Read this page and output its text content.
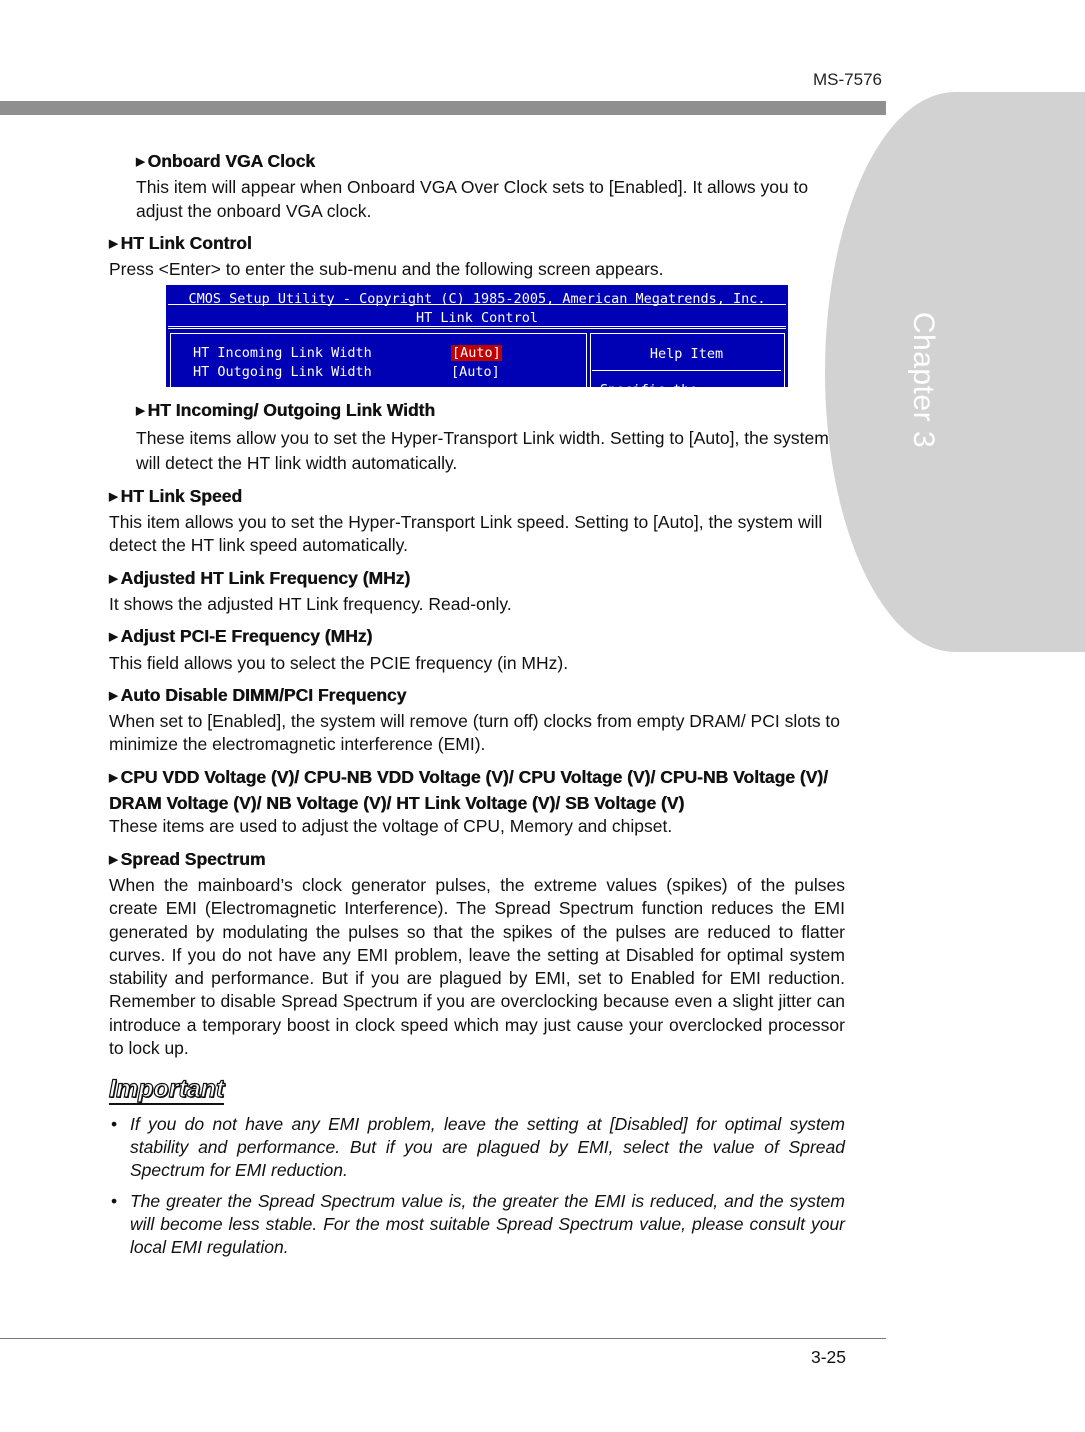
MS-7576
Chapter 3

▶ Onboard VGA Clock

This item will appear when Onboard VGA Over Clock sets to [Enabled]. It allows you to adjust the onboard VGA clock.

▶ HT Link Control

Press <Enter> to enter the sub-menu and the following screen appears.

CMOS Setup Utility - Copyright (C) 1985-2005, American Megatrends, Inc.
HT Link Control
HT Incoming Link Width	[Auto]
HT Outgoing Link Width	[Auto]
Help Item
Specific the

▶ HT Incoming/ Outgoing Link Width

These items allow you to set the Hyper-Transport Link width. Setting to [Auto], the system will detect the HT link width automatically.

▶ HT Link Speed

This item allows you to set the Hyper-Transport Link speed. Setting to [Auto], the system will detect the HT link speed automatically.

▶ Adjusted HT Link Frequency (MHz)

It shows the adjusted HT Link frequency. Read-only.

▶ Adjust PCI-E Frequency (MHz)

This field allows you to select the PCIE frequency (in MHz).

▶ Auto Disable DIMM/PCI Frequency

When set to [Enabled], the system will remove (turn off) clocks from empty DRAM/ PCI slots to minimize the electromagnetic interference (EMI).

▶ CPU VDD Voltage (V)/ CPU-NB VDD Voltage (V)/ CPU Voltage (V)/ CPU-NB Voltage (V)/ DRAM Voltage (V)/ NB Voltage (V)/ HT Link Voltage (V)/ SB Voltage (V)

These items are used to adjust the voltage of CPU, Memory and chipset.

▶ Spread Spectrum

When the mainboard’s clock generator pulses, the extreme values (spikes) of the pulses create EMI (Electromagnetic Interference). The Spread Spectrum function reduces the EMI generated by modulating the pulses so that the spikes of the pulses are reduced to flatter curves. If you do not have any EMI problem, leave the setting at Disabled for optimal system stability and performance. But if you are plagued by EMI, set to Enabled for EMI reduction. Remember to disable Spread Spectrum if you are overclocking because even a slight jitter can introduce a temporary boost in clock speed which may just cause your overclocked processor to lock up.

Important
• If you do not have any EMI problem, leave the setting at [Disabled] for optimal system stability and performance. But if you are plagued by EMI, select the value of Spread Spectrum for EMI reduction.
• The greater the Spread Spectrum value is, the greater the EMI is reduced, and the system will become less stable. For the most suitable Spread Spectrum value, please consult your local EMI regulation.
3-25
